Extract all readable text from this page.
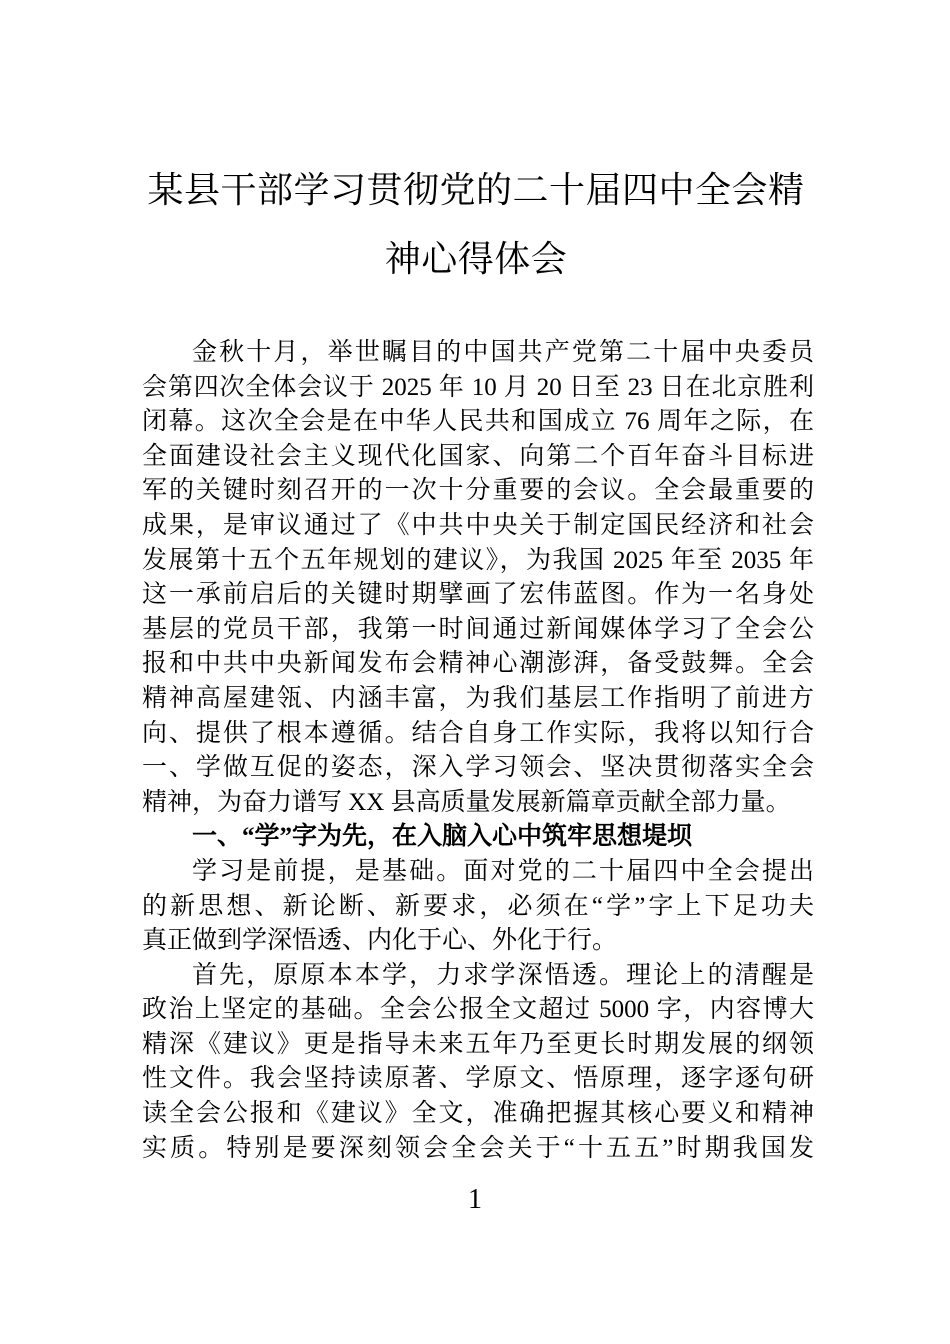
某县干部学习贯彻党的二十届四中全会精
神心得体会
金秋十月，举世瞩目的中国共产党第二十届中央委员
会第四次全体会议于 2025 年 10 月 20 日至 23 日在北京胜利
闭幕。这次全会是在中华人民共和国成立 76 周年之际，在
全面建设社会主义现代化国家、向第二个百年奋斗目标进
军的关键时刻召开的一次十分重要的会议。全会最重要的
成果，是审议通过了《中共中央关于制定国民经济和社会
发展第十五个五年规划的建议》，为我国 2025 年至 2035 年
这一承前启后的关键时期擘画了宏伟蓝图。作为一名身处
基层的党员干部，我第一时间通过新闻媒体学习了全会公
报和中共中央新闻发布会精神心潮澎湃，备受鼓舞。全会
精神高屋建瓴、内涵丰富，为我们基层工作指明了前进方
向、提供了根本遵循。结合自身工作实际，我将以知行合
一、学做互促的姿态，深入学习领会、坚决贯彻落实全会
精神，为奋力谱写 XX 县高质量发展新篇章贡献全部力量。
一、“学”字为先，在入脑入心中筑牢思想堤坝
学习是前提，是基础。面对党的二十届四中全会提出
的新思想、新论断、新要求，必须在“学”字上下足功夫
真正做到学深悟透、内化于心、外化于行。
首先，原原本本学，力求学深悟透。理论上的清醒是
政治上坚定的基础。全会公报全文超过 5000 字，内容博大
精深《建议》更是指导未来五年乃至更长时期发展的纲领
性文件。我会坚持读原著、学原文、悟原理，逐字逐句研
读全会公报和《建议》全文，准确把握其核心要义和精神
实质。特别是要深刻领会全会关于“十五五”时期我国发
1
